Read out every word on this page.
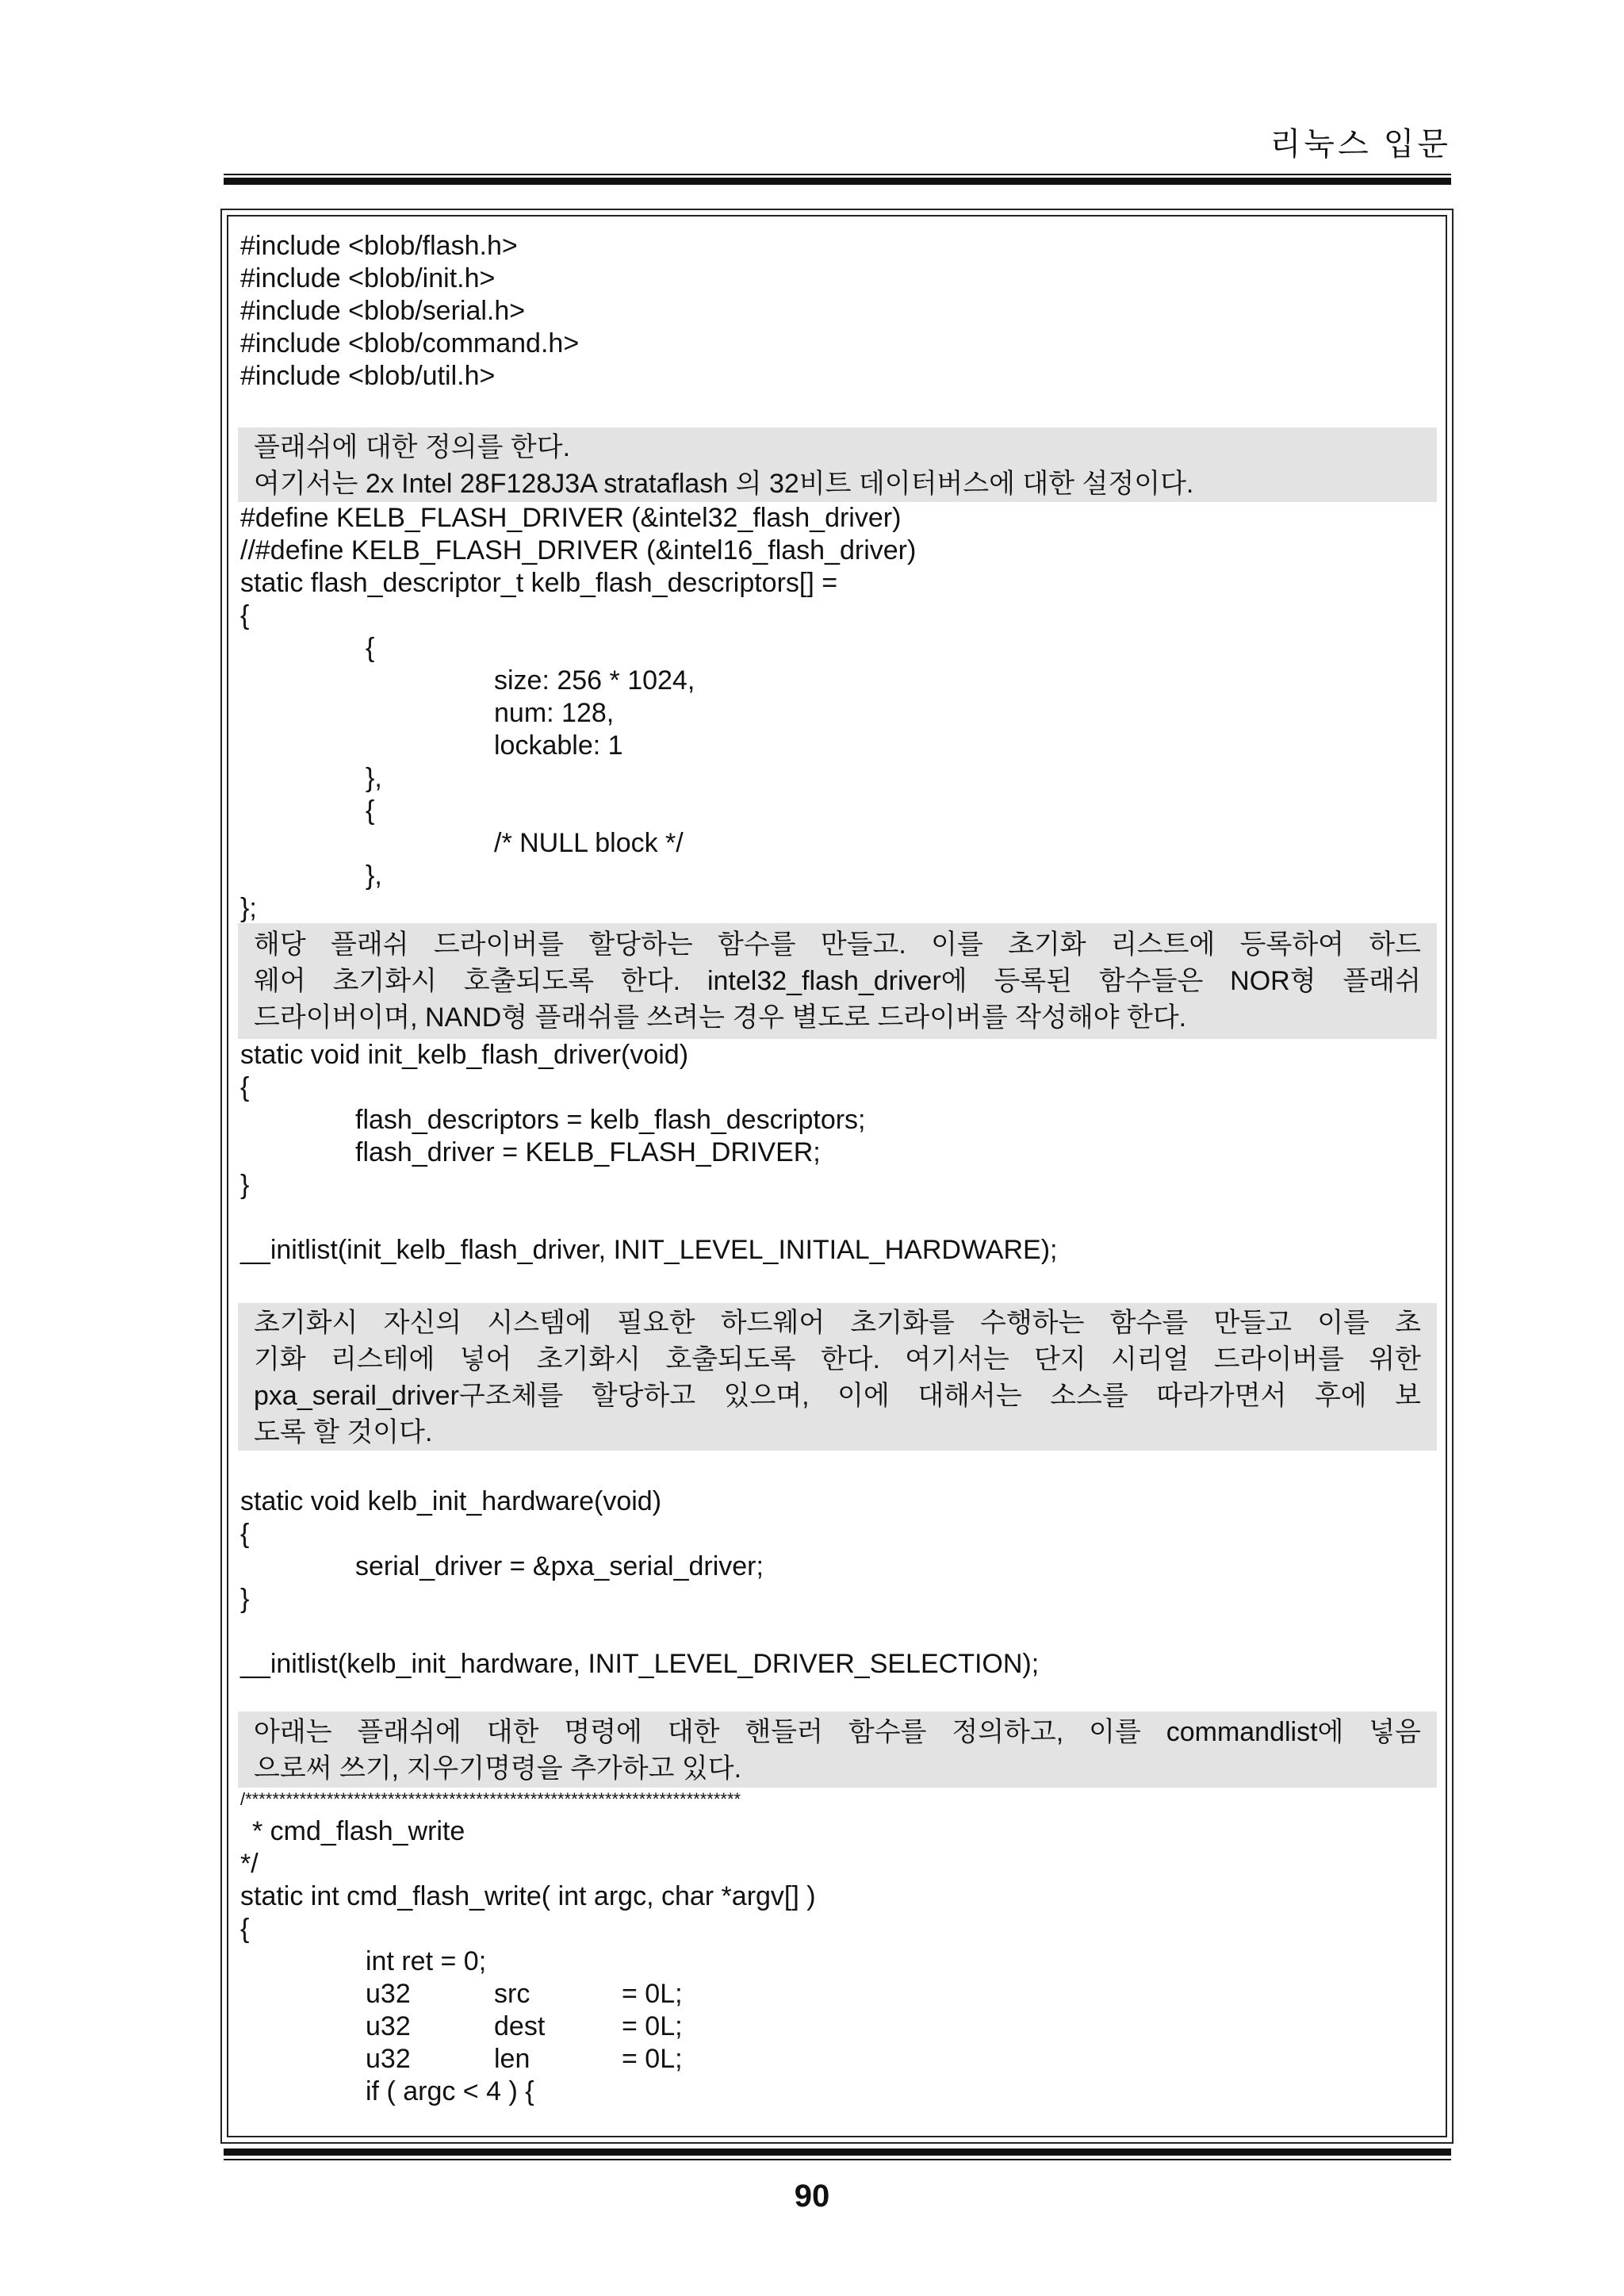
리눅스 입문
#include <blob/flash.h>
#include <blob/init.h>
#include <blob/serial.h>
#include <blob/command.h>
#include <blob/util.h>
플래쉬에 대한 정의를 한다.
여기서는 2x Intel 28F128J3A strataflash 의 32비트 데이터버스에 대한 설정이다.
#define KELB_FLASH_DRIVER (&intel32_flash_driver)
//#define KELB_FLASH_DRIVER (&intel16_flash_driver)
static flash_descriptor_t kelb_flash_descriptors[] =
{
{
size: 256 * 1024,
num: 128,
lockable: 1
},
{
/* NULL block */
},
};
해당 플래쉬 드라이버를 할당하는 함수를 만들고. 이를 초기화 리스트에 등록하여 하드
웨어 초기화시 호출되도록 한다. intel32_flash_driver에 등록된 함수들은 NOR형 플래쉬
드라이버이며, NAND형 플래쉬를 쓰려는 경우 별도로 드라이버를 작성해야 한다.
static void init_kelb_flash_driver(void)
{
flash_descriptors = kelb_flash_descriptors;
flash_driver = KELB_FLASH_DRIVER;
}
__initlist(init_kelb_flash_driver, INIT_LEVEL_INITIAL_HARDWARE);
초기화시 자신의 시스템에 필요한 하드웨어 초기화를 수행하는 함수를 만들고 이를 초
기화 리스테에 넣어 초기화시 호출되도록 한다. 여기서는 단지 시리얼 드라이버를 위한
pxa_serail_driver구조체를 할당하고 있으며, 이에 대해서는 소스를 따라가면서 후에 보
도록 할 것이다.
static void kelb_init_hardware(void)
{
serial_driver = &pxa_serial_driver;
}
__initlist(kelb_init_hardware, INIT_LEVEL_DRIVER_SELECTION);
아래는 플래쉬에 대한 명령에 대한 핸들러 함수를 정의하고, 이를 commandlist에 넣음
으로써 쓰기, 지우기명령을 추가하고 있다.
/*************************************************************************
* cmd_flash_write
*/
static int cmd_flash_write( int argc, char *argv[] )
{
int ret = 0;
u32	src	= 0L;
u32	dest	= 0L;
u32	len	= 0L;
if ( argc < 4 ) {
90
